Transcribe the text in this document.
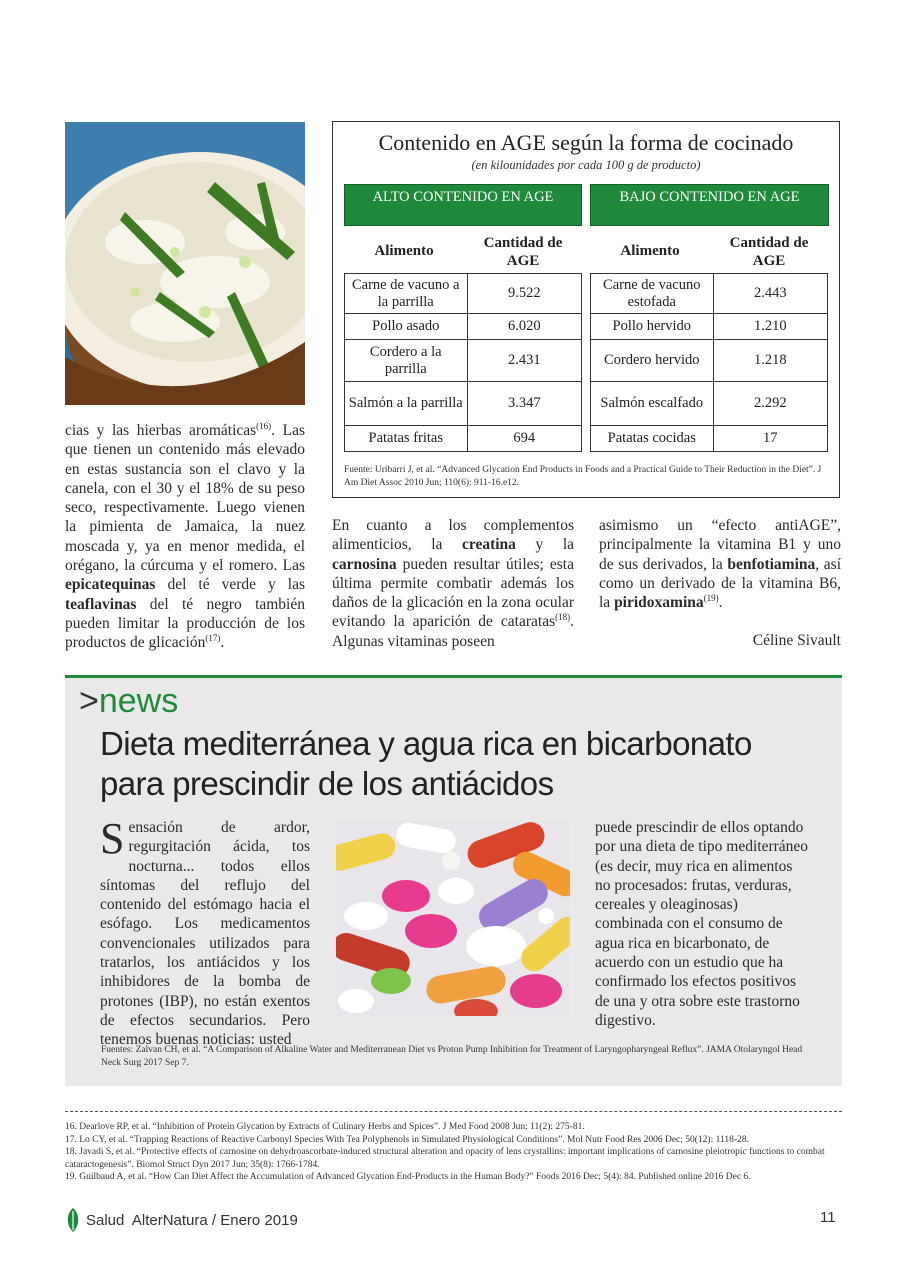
cias y las hierbas aromáticas$^{(16)}$. Las que tienen un contenido más elevado en estas sustancia son el clavo y la canela, con el 30 y el 18% de su peso seco, respectivamente. Luego vienen la pimienta de Jamaica, la nuez moscada y, ya en menor medida, el orégano, la cúrcuma y el romero. Las epicatequinas del té verde y las teaflavinas del té negro también pueden limitar la producción de los productos de glicación$^{(17)}$.

Contenido en AGE según la forma de cocinado
(en kilounidades por cada 100 g de producto)
ALTO CONTENIDO EN AGE	BAJO CONTENIDO EN AGE
Alimento	Cantidad de AGE
Alimento	Cantidad de AGE
Carne de vacuno a la parrilla	9.522
Pollo asado	6.020
Cordero a la parrilla	2.431
Salmón a la parrilla	3.347
Patatas fritas	694
Carne de vacuno estofada	2.443
Pollo hervido	1.210
Cordero hervido	1.218
Salmón escalfado	2.292
Patatas cocidas	17
Fuente: Uribarri J, et al. “Advanced Glycation End Products in Foods and a Practical Guide to Their Reduction in the Diet”. J Am Diet Assoc 2010 Jun; 110(6): 911-16.e12.

En cuanto a los complementos alimenticios, la creatina y la carnosina pueden resultar útiles; esta última permite combatir además los daños de la glicación en la zona ocular evitando la aparición de cataratas$^{(18)}$. Algunas vitaminas poseen

asimismo un “efecto antiAGE”, principalmente la vitamina B1 y uno de sus derivados, la benfotiamina, así como un derivado de la vitamina B6, la piridoxamina$^{(19)}$.

Céline Sivault
>news
Dieta mediterránea y agua rica en bicarbonato para prescindir de los antiácidos
Sensación de ardor, regurgitación ácida, tos nocturna... todos ellos síntomas del reflujo del contenido del estómago hacia el esófago. Los medicamentos convencionales utilizados para tratarlos, los antiácidos y los inhibidores de la bomba de protones (IBP), no están exentos de efectos secundarios. Pero tenemos buenas noticias: usted
puede prescindir de ellos optando por una dieta de tipo mediterráneo (es decir, muy rica en alimentos no procesados: frutas, verduras, cereales y oleaginosas) combinada con el consumo de agua rica en bicarbonato, de acuerdo con un estudio que ha confirmado los efectos positivos de una y otra sobre este trastorno digestivo.
Fuentes: Zalvan CH, et al. “A Comparison of Alkaline Water and Mediterranean Diet vs Proton Pump Inhibition for Treatment of Laryngopharyngeal Reflux”. JAMA Otolaryngol Head Neck Surg 2017 Sep 7.
16. Dearlove RP, et al. “Inhibition of Protein Glycation by Extracts of Culinary Herbs and Spices”. J Med Food 2008 Jun; 11(2): 275-81.
17. Lo CY, et al. “Trapping Reactions of Reactive Carbonyl Species With Tea Polyphenols in Simulated Physiological Conditions”. Mol Nutr Food Res 2006 Dec; 50(12): 1118-28.
18. Javadi S, et al. “Protective effects of carnosine on dehydroascorbate-induced structural alteration and opacity of lens crystallins: important implications of carnosine pleiotropic functions to combat cataractogenesis”. Biomol Struct Dyn 2017 Jun; 35(8): 1766-1784.
19. Guilbaud A, et al. “How Can Diet Affect the Accumulation of Advanced Glycation End-Products in the Human Body?” Foods 2016 Dec; 5(4): 84. Published online 2016 Dec 6.
Salud  AlterNatura / Enero 2019	11
